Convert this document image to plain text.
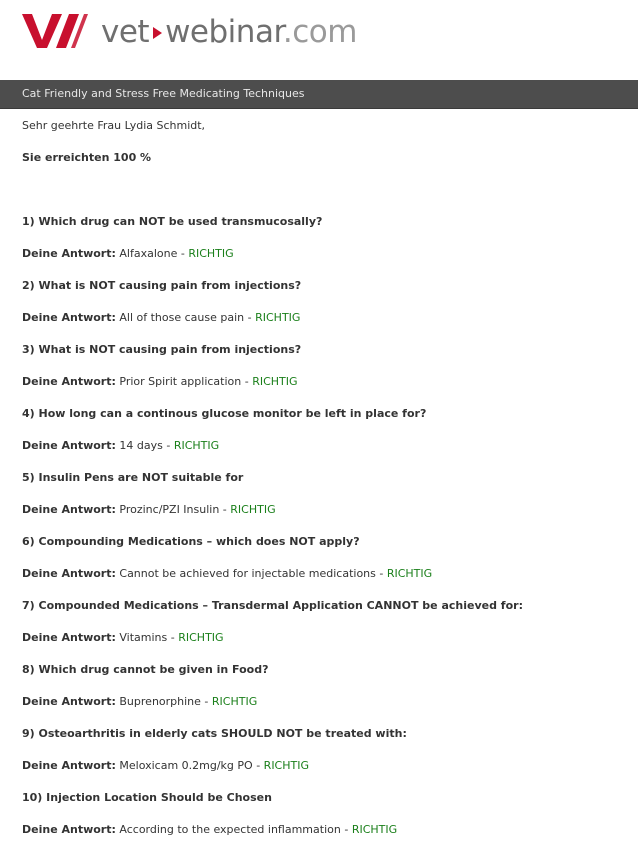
vet webinar.com
Cat Friendly and Stress Free Medicating Techniques

Sehr geehrte Frau Lydia Schmidt,

Sie erreichten 100 %

1) Which drug can NOT be used transmucosally?

Deine Antwort: Alfaxalone - RICHTIG

2) What is NOT causing pain from injections?

Deine Antwort: All of those cause pain - RICHTIG

3) What is NOT causing pain from injections?

Deine Antwort: Prior Spirit application - RICHTIG

4) How long can a continous glucose monitor be left in place for?

Deine Antwort: 14 days - RICHTIG

5) Insulin Pens are NOT suitable for

Deine Antwort: Prozinc/PZI Insulin - RICHTIG

6) Compounding Medications – which does NOT apply?

Deine Antwort: Cannot be achieved for injectable medications - RICHTIG

7) Compounded Medications – Transdermal Application CANNOT be achieved for:

Deine Antwort: Vitamins - RICHTIG

8) Which drug cannot be given in Food?

Deine Antwort: Buprenorphine - RICHTIG

9) Osteoarthritis in elderly cats SHOULD NOT be treated with:

Deine Antwort: Meloxicam 0.2mg/kg PO - RICHTIG

10) Injection Location Should be Chosen

Deine Antwort: According to the expected inflammation - RICHTIG
